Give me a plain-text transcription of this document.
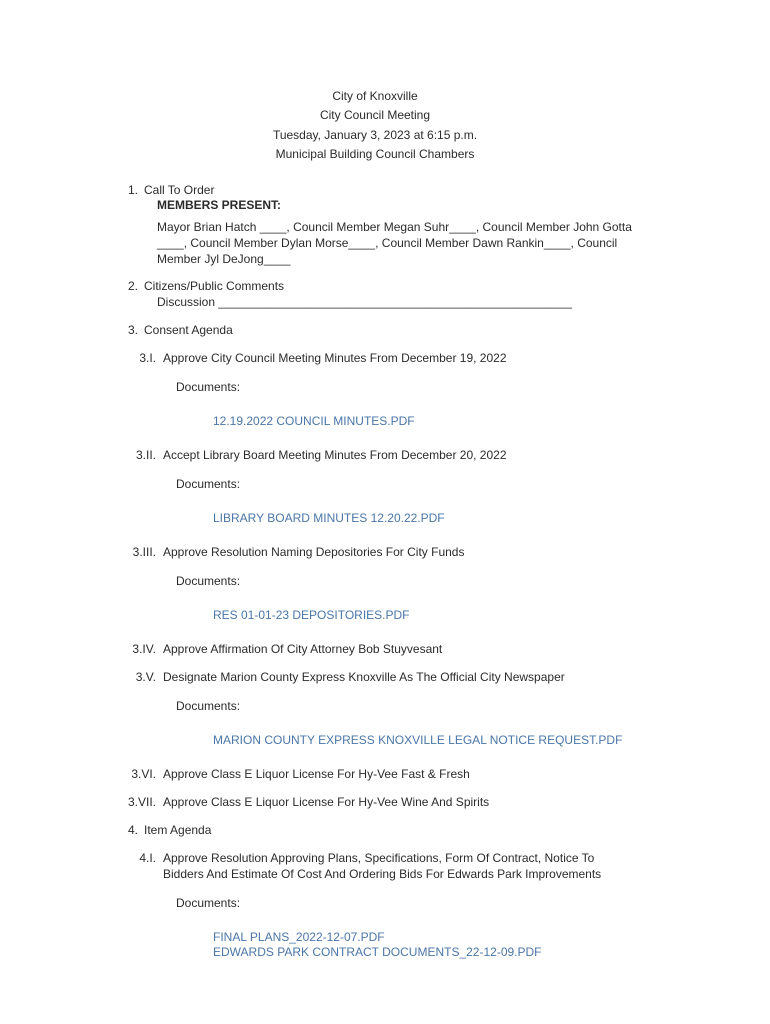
City of Knoxville
City Council Meeting
Tuesday, January 3, 2023 at 6:15 p.m.
Municipal Building Council Chambers
1. Call To Order
MEMBERS PRESENT:
Mayor Brian Hatch ____, Council Member Megan Suhr____, Council Member John Gotta
____, Council Member Dylan Morse____, Council Member Dawn Rankin____, Council
Member Jyl DeJong____
2. Citizens/Public Comments
Discussion _____________________________________________________
3. Consent Agenda
3.I. Approve City Council Meeting Minutes From December 19, 2022
Documents:
12.19.2022 COUNCIL MINUTES.PDF
3.II. Accept Library Board Meeting Minutes From December 20, 2022
Documents:
LIBRARY BOARD MINUTES 12.20.22.PDF
3.III. Approve Resolution Naming Depositories For City Funds
Documents:
RES 01-01-23 DEPOSITORIES.PDF
3.IV. Approve Affirmation Of City Attorney Bob Stuyvesant
3.V. Designate Marion County Express Knoxville As The Official City Newspaper
Documents:
MARION COUNTY EXPRESS KNOXVILLE LEGAL NOTICE REQUEST.PDF
3.VI. Approve Class E Liquor License For Hy-Vee Fast & Fresh
3.VII. Approve Class E Liquor License For Hy-Vee Wine And Spirits
4. Item Agenda
4.I. Approve Resolution Approving Plans, Specifications, Form Of Contract, Notice To
Bidders And Estimate Of Cost And Ordering Bids For Edwards Park Improvements
Documents:
FINAL PLANS_2022-12-07.PDF
EDWARDS PARK CONTRACT DOCUMENTS_22-12-09.PDF
